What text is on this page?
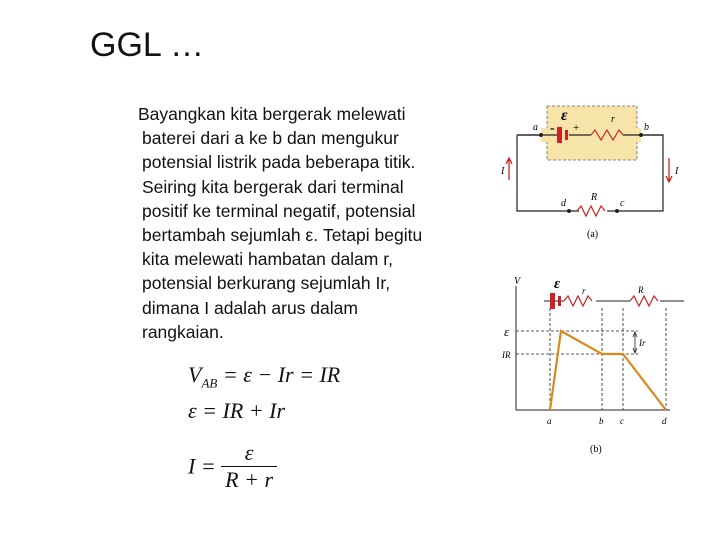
GGL …
Bayangkan kita bergerak melewati
baterei dari a ke b dan mengukur
potensial listrik pada beberapa titik.
Seiring kita bergerak dari terminal
positif ke terminal negatif, potensial
bertambah sejumlah ε. Tetapi begitu
kita melewati hambatan dalam r,
potensial berkurang sejumlah Ir,
dimana I adalah arus dalam
rangkaian.
$V_{AB} = \varepsilon - Ir$ = IR
ε = IR + Ir
$I = \frac{\varepsilon}{R + r}$
ε
- +
r
R
a	b
d	c
I	I
(a)
V ε r	R
Ir
ε
IR
a	b c	d
(b)
